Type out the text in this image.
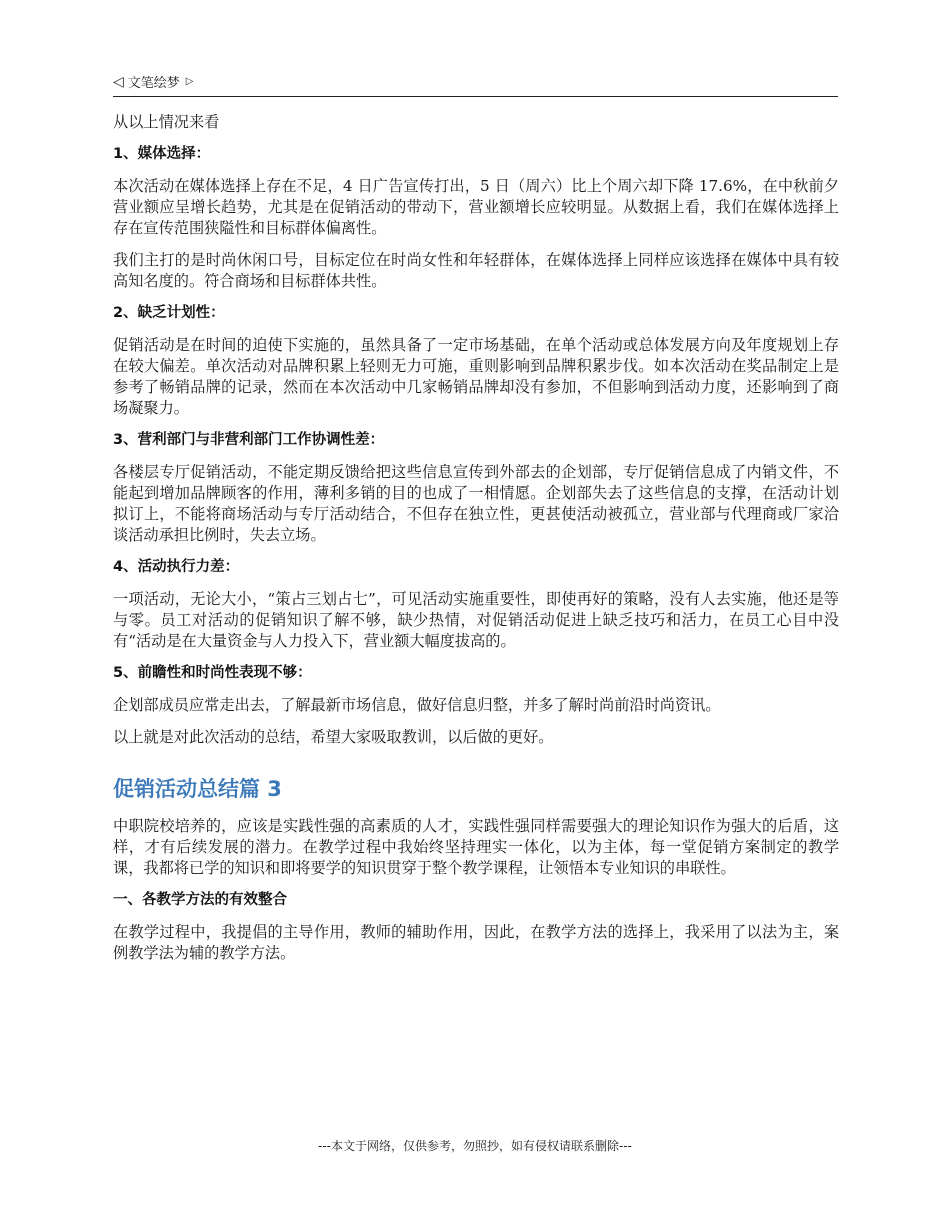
◁ 文笔绘梦 ▷

从以上情况来看

1、媒体选择：

本次活动在媒体选择上存在不足，4 日广告宣传打出，5 日（周六）比上个周六却下降 17.6%，在中秋前夕营业额应呈增长趋势，尤其是在促销活动的带动下，营业额增长应较明显。从数据上看，我们在媒体选择上存在宣传范围狭隘性和目标群体偏离性。

我们主打的是时尚休闲口号，目标定位在时尚女性和年轻群体，在媒体选择上同样应该选择在媒体中具有较高知名度的。符合商场和目标群体共性。

2、缺乏计划性：

促销活动是在时间的迫使下实施的，虽然具备了一定市场基础，在单个活动或总体发展方向及年度规划上存在较大偏差。单次活动对品牌积累上轻则无力可施，重则影响到品牌积累步伐。如本次活动在奖品制定上是参考了畅销品牌的记录，然而在本次活动中几家畅销品牌却没有参加，不但影响到活动力度，还影响到了商场凝聚力。

3、营利部门与非营利部门工作协调性差：

各楼层专厅促销活动，不能定期反馈给把这些信息宣传到外部去的企划部，专厅促销信息成了内销文件，不能起到增加品牌顾客的作用，薄利多销的目的也成了一相情愿。企划部失去了这些信息的支撑，在活动计划拟订上，不能将商场活动与专厅活动结合，不但存在独立性，更甚使活动被孤立，营业部与代理商或厂家洽谈活动承担比例时，失去立场。

4、活动执行力差：

一项活动，无论大小，“策占三划占七”，可见活动实施重要性，即使再好的策略，没有人去实施，他还是等与零。员工对活动的促销知识了解不够，缺少热情，对促销活动促进上缺乏技巧和活力，在员工心目中没有“活动是在大量资金与人力投入下，营业额大幅度拔高的。

5、前瞻性和时尚性表现不够：

企划部成员应常走出去，了解最新市场信息，做好信息归整，并多了解时尚前沿时尚资讯。

以上就是对此次活动的总结，希望大家吸取教训，以后做的更好。

促销活动总结篇 3

中职院校培养的，应该是实践性强的高素质的人才，实践性强同样需要强大的理论知识作为强大的后盾，这样，才有后续发展的潜力。在教学过程中我始终坚持理实一体化，以为主体，每一堂促销方案制定的教学课，我都将已学的知识和即将要学的知识贯穿于整个教学课程，让领悟本专业知识的串联性。

一、各教学方法的有效整合

在教学过程中，我提倡的主导作用，教师的辅助作用，因此，在教学方法的选择上，我采用了以法为主，案例教学法为辅的教学方法。

---本文于网络，仅供参考，勿照抄，如有侵权请联系删除---
